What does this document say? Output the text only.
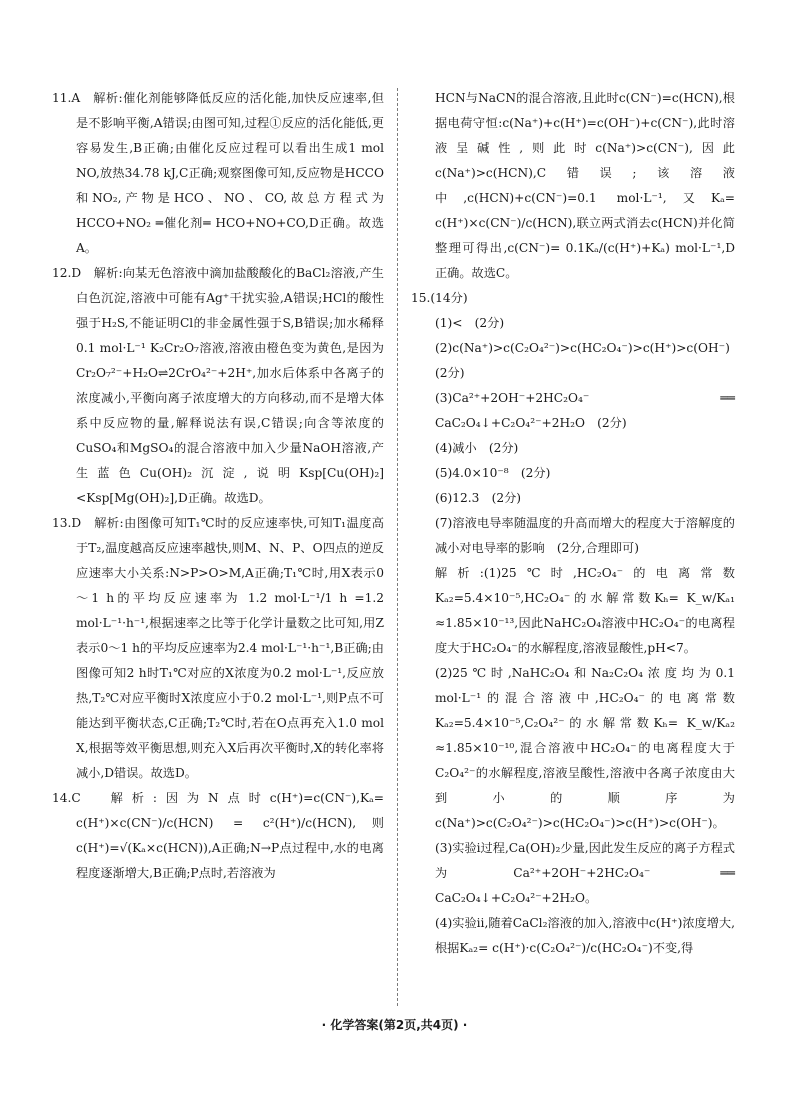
11.A　解析:催化剂能够降低反应的活化能,加快反应速率,但是不影响平衡,A错误;由图可知,过程①反应的活化能低,更容易发生,B正确;由催化反应过程可以看出生成1 mol NO,放热34.78 kJ,C正确;观察图像可知,反应物是HCCO和NO₂,产物是HCO、NO、CO,故总方程式为HCCO+NO₂ ═催化剂═ HCO+NO+CO,D正确。故选A。

12.D　解析:向某无色溶液中滴加盐酸酸化的BaCl₂溶液,产生白色沉淀,溶液中可能有Ag⁺干扰实验,A错误;HCl的酸性强于H₂S,不能证明Cl的非金属性强于S,B错误;加水稀释0.1 mol·L⁻¹ K₂Cr₂O₇溶液,溶液由橙色变为黄色,是因为Cr₂O₇²⁻+H₂O⇌2CrO₄²⁻+2H⁺,加水后体系中各离子的浓度减小,平衡向离子浓度增大的方向移动,而不是增大体系中反应物的量,解释说法有误,C错误;向含等浓度的CuSO₄和MgSO₄的混合溶液中加入少量NaOH溶液,产生蓝色Cu(OH)₂沉淀,说明Ksp[Cu(OH)₂]<Ksp[Mg(OH)₂],D正确。故选D。

13.D　解析:由图像可知T₁℃时的反应速率快,可知T₁温度高于T₂,温度越高反应速率越快,则M、N、P、O四点的逆反应速率大小关系:N>P>O>M,A正确;T₁℃时,用X表示0～1 h的平均反应速率为 1.2 mol·L⁻¹/1 h =1.2 mol·L⁻¹·h⁻¹,根据速率之比等于化学计量数之比可知,用Z表示0～1 h的平均反应速率为2.4 mol·L⁻¹·h⁻¹,B正确;由图像可知2 h时T₁℃对应的X浓度为0.2 mol·L⁻¹,反应放热,T₂℃对应平衡时X浓度应小于0.2 mol·L⁻¹,则P点不可能达到平衡状态,C正确;T₂℃时,若在O点再充入1.0 mol X,根据等效平衡思想,则充入X后再次平衡时,X的转化率将减小,D错误。故选D。

14.C　解析:因为N点时c(H⁺)=c(CN⁻),Kₐ= c(H⁺)×c(CN⁻)/c(HCN) = c²(H⁺)/c(HCN),则c(H⁺)=√(Kₐ×c(HCN)),A正确;N→P点过程中,水的电离程度逐渐增大,B正确;P点时,若溶液为

HCN与NaCN的混合溶液,且此时c(CN⁻)=c(HCN),根据电荷守恒:c(Na⁺)+c(H⁺)=c(OH⁻)+c(CN⁻),此时溶液呈碱性,则此时c(Na⁺)>c(CN⁻),因此c(Na⁺)>c(HCN),C错误;该溶液中,c(HCN)+c(CN⁻)=0.1 mol·L⁻¹,又Kₐ= c(H⁺)×c(CN⁻)/c(HCN),联立两式消去c(HCN)并化简整理可得出,c(CN⁻)= 0.1Kₐ/(c(H⁺)+Kₐ) mol·L⁻¹,D正确。故选C。

15.(14分)

(1)<　(2分)

(2)c(Na⁺)>c(C₂O₄²⁻)>c(HC₂O₄⁻)>c(H⁺)>c(OH⁻)　(2分)

(3)Ca²⁺+2OH⁻+2HC₂O₄⁻ ══ CaC₂O₄↓+C₂O₄²⁻+2H₂O　(2分)

(4)减小　(2分)

(5)4.0×10⁻⁸　(2分)

(6)12.3　(2分)

(7)溶液电导率随温度的升高而增大的程度大于溶解度的减小对电导率的影响　(2分,合理即可)

解析:(1)25℃时,HC₂O₄⁻的电离常数Kₐ₂=5.4×10⁻⁵,HC₂O₄⁻的水解常数Kₕ= K_w/Kₐ₁ ≈1.85×10⁻¹³,因此NaHC₂O₄溶液中HC₂O₄⁻的电离程度大于HC₂O₄⁻的水解程度,溶液显酸性,pH<7。

(2)25℃时,NaHC₂O₄和Na₂C₂O₄浓度均为0.1 mol·L⁻¹的混合溶液中,HC₂O₄⁻的电离常数Kₐ₂=5.4×10⁻⁵,C₂O₄²⁻的水解常数Kₕ= K_w/Kₐ₂ ≈1.85×10⁻¹⁰,混合溶液中HC₂O₄⁻的电离程度大于C₂O₄²⁻的水解程度,溶液呈酸性,溶液中各离子浓度由大到小的顺序为c(Na⁺)>c(C₂O₄²⁻)>c(HC₂O₄⁻)>c(H⁺)>c(OH⁻)。

(3)实验ⅰ过程,Ca(OH)₂少量,因此发生反应的离子方程式为Ca²⁺+2OH⁻+2HC₂O₄⁻ ══ CaC₂O₄↓+C₂O₄²⁻+2H₂O。

(4)实验ⅱ,随着CaCl₂溶液的加入,溶液中c(H⁺)浓度增大,根据Kₐ₂= c(H⁺)·c(C₂O₄²⁻)/c(HC₂O₄⁻)不变,得

· 化学答案(第2页,共4页) ·
